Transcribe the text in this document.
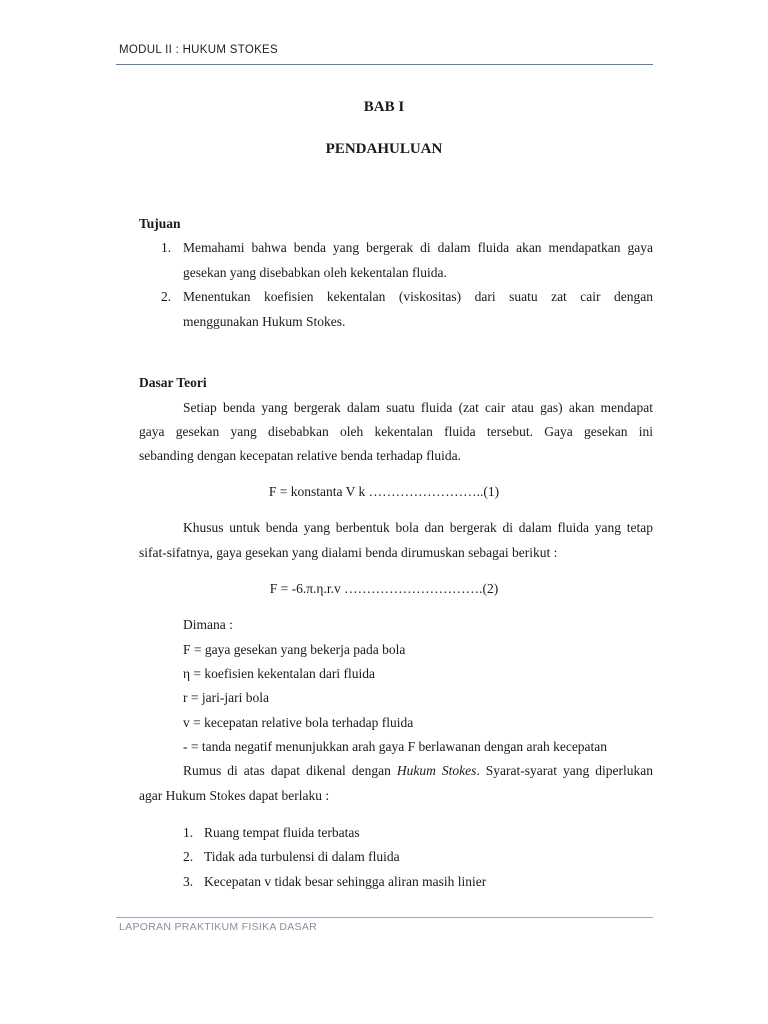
MODUL II : HUKUM STOKES
BAB I
PENDAHULUAN
Tujuan
1. Memahami bahwa benda yang bergerak di dalam fluida akan mendapatkan gaya
gesekan yang disebabkan oleh kekentalan fluida.
2. Menentukan koefisien kekentalan (viskositas) dari suatu zat cair dengan
menggunakan Hukum Stokes.
Dasar Teori
Setiap benda yang bergerak dalam suatu fluida (zat cair atau gas) akan mendapat
gaya gesekan yang disebabkan oleh kekentalan fluida tersebut. Gaya gesekan ini
sebanding dengan kecepatan relative benda terhadap fluida.
F = konstanta V k ……………………..(1)
Khusus untuk benda yang berbentuk bola dan bergerak di dalam fluida yang tetap
sifat-sifatnya, gaya gesekan yang dialami benda dirumuskan sebagai berikut :
F = -6.π.η.r.v ………………………….(2)
Dimana :
F = gaya gesekan yang bekerja pada bola
η = koefisien kekentalan dari fluida
r = jari-jari bola
v = kecepatan relative bola terhadap fluida
- = tanda negatif menunjukkan arah gaya F berlawanan dengan arah kecepatan
Rumus di atas dapat dikenal dengan Hukum Stokes. Syarat-syarat yang diperlukan
agar Hukum Stokes dapat berlaku :
1. Ruang tempat fluida terbatas
2. Tidak ada turbulensi di dalam fluida
3. Kecepatan v tidak besar sehingga aliran masih linier
LAPORAN PRAKTIKUM FISIKA DASAR
